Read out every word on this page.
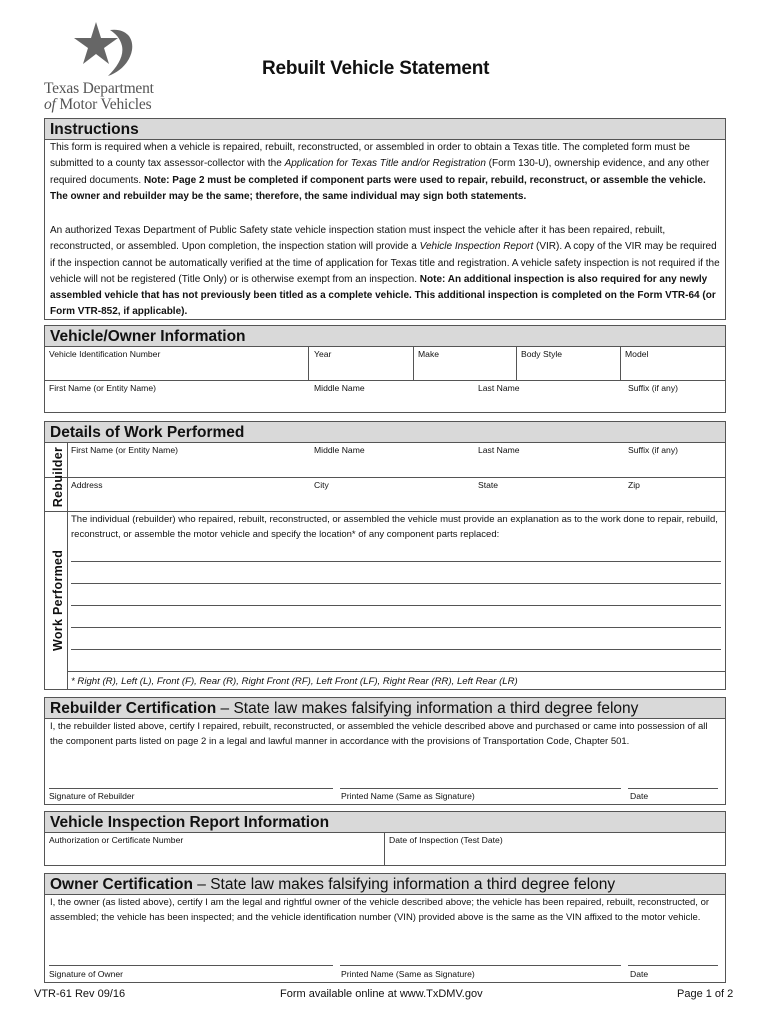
Texas Department
of Motor Vehicles
Rebuilt Vehicle Statement
Instructions
This form is required when a vehicle is repaired, rebuilt, reconstructed, or assembled in order to obtain a Texas title. The completed form must be submitted to a county tax assessor-collector with the Application for Texas Title and/or Registration (Form 130-U), ownership evidence, and any other required documents. Note: Page 2 must be completed if component parts were used to repair, rebuild, reconstruct, or assemble the vehicle. The owner and rebuilder may be the same; therefore, the same individual may sign both statements.
An authorized Texas Department of Public Safety state vehicle inspection station must inspect the vehicle after it has been repaired, rebuilt, reconstructed, or assembled. Upon completion, the inspection station will provide a Vehicle Inspection Report (VIR). A copy of the VIR may be required if the inspection cannot be automatically verified at the time of application for Texas title and registration. A vehicle safety inspection is not required if the vehicle will not be registered (Title Only) or is otherwise exempt from an inspection. Note: An additional inspection is also required for any newly assembled vehicle that has not previously been titled as a complete vehicle. This additional inspection is completed on the Form VTR-64 (or Form VTR-852, if applicable).
Vehicle/Owner Information
Vehicle Identification Number	Year	Make	Body Style	Model
First Name (or Entity Name)	Middle Name	Last Name	Suffix (if any)
Details of Work Performed
Rebuilder
Work Performed
First Name (or Entity Name)	Middle Name	Last Name	Suffix (if any)
Address	City	State	Zip
The individual (rebuilder) who repaired, rebuilt, reconstructed, or assembled the vehicle must provide an explanation as to the work done to repair, rebuild, reconstruct, or assemble the motor vehicle and specify the location* of any component parts replaced:
* Right (R), Left (L), Front (F), Rear (R), Right Front (RF), Left Front (LF), Right Rear (RR), Left Rear (LR)
Rebuilder Certification – State law makes falsifying information a third degree felony
I, the rebuilder listed above, certify I repaired, rebuilt, reconstructed, or assembled the vehicle described above and purchased or came into possession of all the component parts listed on page 2 in a legal and lawful manner in accordance with the provisions of Transportation Code, Chapter 501.
Signature of Rebuilder	Printed Name (Same as Signature)	Date
Vehicle Inspection Report Information
Authorization or Certificate Number	Date of Inspection (Test Date)
Owner Certification – State law makes falsifying information a third degree felony
I, the owner (as listed above), certify I am the legal and rightful owner of the vehicle described above; the vehicle has been repaired, rebuilt, reconstructed, or assembled; the vehicle has been inspected; and the vehicle identification number (VIN) provided above is the same as the VIN affixed to the motor vehicle.
Signature of Owner	Printed Name (Same as Signature)	Date
VTR-61 Rev 09/16	Form available online at www.TxDMV.gov	Page 1 of 2
